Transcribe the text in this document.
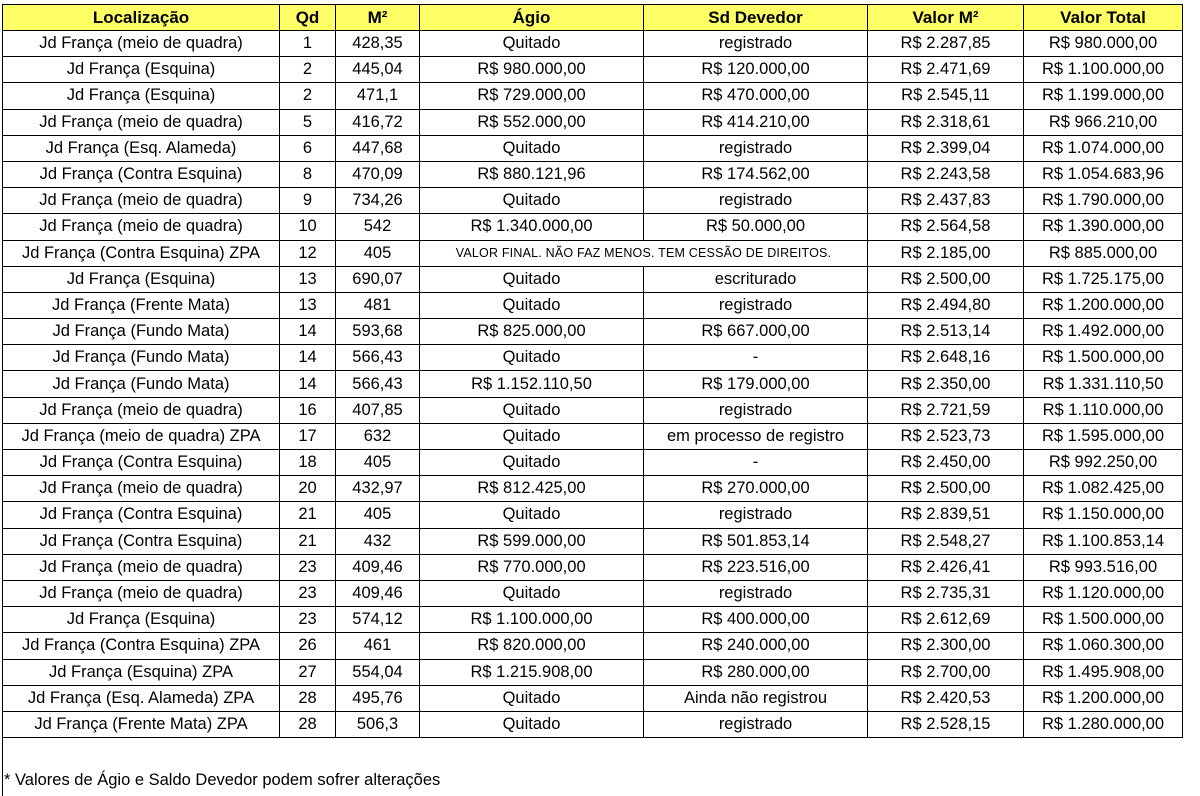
Localização	Qd	M²	Ágio	Sd Devedor	Valor M²	Valor Total
Jd França (meio de quadra)	1	428,35	Quitado	registrado	R$ 2.287,85	R$ 980.000,00
Jd França (Esquina)	2	445,04	R$ 980.000,00	R$ 120.000,00	R$ 2.471,69	R$ 1.100.000,00
Jd França (Esquina)	2	471,1	R$ 729.000,00	R$ 470.000,00	R$ 2.545,11	R$ 1.199.000,00
Jd França (meio de quadra)	5	416,72	R$ 552.000,00	R$ 414.210,00	R$ 2.318,61	R$ 966.210,00
Jd França (Esq. Alameda)	6	447,68	Quitado	registrado	R$ 2.399,04	R$ 1.074.000,00
Jd França (Contra Esquina)	8	470,09	R$ 880.121,96	R$ 174.562,00	R$ 2.243,58	R$ 1.054.683,96
Jd França (meio de quadra)	9	734,26	Quitado	registrado	R$ 2.437,83	R$ 1.790.000,00
Jd França (meio de quadra)	10	542	R$ 1.340.000,00	R$ 50.000,00	R$ 2.564,58	R$ 1.390.000,00
Jd França (Contra Esquina) ZPA	12	405	VALOR FINAL. NÃO FAZ MENOS. TEM CESSÃO DE DIREITOS.		R$ 2.185,00	R$ 885.000,00
Jd França (Esquina)	13	690,07	Quitado	escriturado	R$ 2.500,00	R$ 1.725.175,00
Jd França (Frente Mata)	13	481	Quitado	registrado	R$ 2.494,80	R$ 1.200.000,00
Jd França (Fundo Mata)	14	593,68	R$ 825.000,00	R$ 667.000,00	R$ 2.513,14	R$ 1.492.000,00
Jd França (Fundo Mata)	14	566,43	Quitado	-	R$ 2.648,16	R$ 1.500.000,00
Jd França (Fundo Mata)	14	566,43	R$ 1.152.110,50	R$ 179.000,00	R$ 2.350,00	R$ 1.331.110,50
Jd França (meio de quadra)	16	407,85	Quitado	registrado	R$ 2.721,59	R$ 1.110.000,00
Jd França (meio de quadra) ZPA	17	632	Quitado	em processo de registro	R$ 2.523,73	R$ 1.595.000,00
Jd França (Contra Esquina)	18	405	Quitado	-	R$ 2.450,00	R$ 992.250,00
Jd França (meio de quadra)	20	432,97	R$ 812.425,00	R$ 270.000,00	R$ 2.500,00	R$ 1.082.425,00
Jd França (Contra Esquina)	21	405	Quitado	registrado	R$ 2.839,51	R$ 1.150.000,00
Jd França (Contra Esquina)	21	432	R$ 599.000,00	R$ 501.853,14	R$ 2.548,27	R$ 1.100.853,14
Jd França (meio de quadra)	23	409,46	R$ 770.000,00	R$ 223.516,00	R$ 2.426,41	R$ 993.516,00
Jd França (meio de quadra)	23	409,46	Quitado	registrado	R$ 2.735,31	R$ 1.120.000,00
Jd França (Esquina)	23	574,12	R$ 1.100.000,00	R$ 400.000,00	R$ 2.612,69	R$ 1.500.000,00
Jd França (Contra Esquina) ZPA	26	461	R$ 820.000,00	R$ 240.000,00	R$ 2.300,00	R$ 1.060.300,00
Jd França (Esquina) ZPA	27	554,04	R$ 1.215.908,00	R$ 280.000,00	R$ 2.700,00	R$ 1.495.908,00
Jd França (Esq. Alameda) ZPA	28	495,76	Quitado	Ainda não registrou	R$ 2.420,53	R$ 1.200.000,00
Jd França (Frente Mata) ZPA	28	506,3	Quitado	registrado	R$ 2.528,15	R$ 1.280.000,00
* Valores de Ágio e Saldo Devedor podem sofrer alterações
